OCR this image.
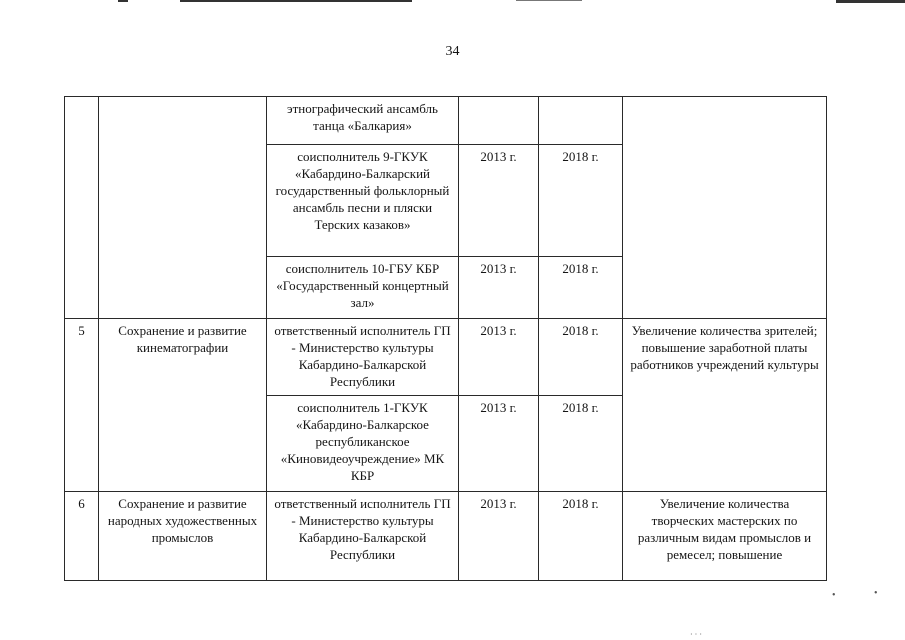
34
		этнографический ансамбль танца «Балкария»			
		соисполнитель 9-ГКУК «Кабардино-Балкарский государственный фольклорный ансамбль песни и пляски Терских казаков»	2013 г.	2018 г.	
		соисполнитель 10-ГБУ КБР «Государственный концертный зал»	2013 г.	2018 г.	
5	Сохранение и развитие кинематографии	ответственный исполнитель ГП - Министерство культуры Кабардино-Балкарской Республики	2013 г.	2018 г.	Увеличение количества зрителей; повышение заработной платы работников учреждений культуры
		соисполнитель 1-ГКУК «Кабардино-Балкарское республиканское «Киновидеоучреждение» МК КБР	2013 г.	2018 г.	
6	Сохранение и развитие народных художественных промыслов	ответственный исполнитель ГП - Министерство культуры Кабардино-Балкарской Республики	2013 г.	2018 г.	Увеличение количества творческих мастерских по различным видам промыслов и ремесел; повышение
•	•
· · ·
